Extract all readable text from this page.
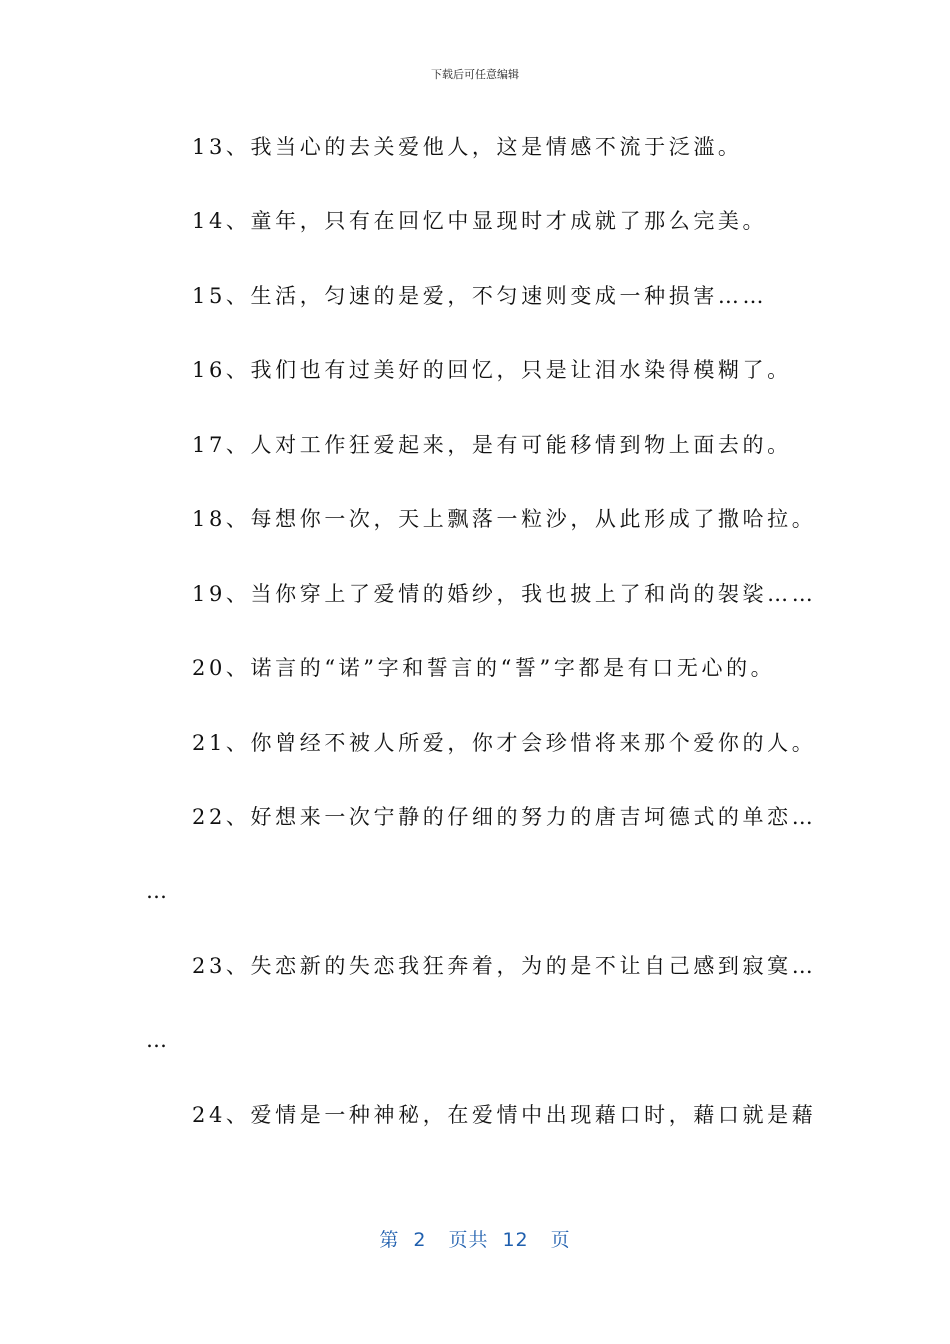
下载后可任意编辑
13、我当心的去关爱他人，这是情感不流于泛滥。
14、童年，只有在回忆中显现时才成就了那么完美。
15、生活，匀速的是爱，不匀速则变成一种损害……
16、我们也有过美好的回忆，只是让泪水染得模糊了。
17、人对工作狂爱起来，是有可能移情到物上面去的。
18、每想你一次，天上飘落一粒沙，从此形成了撒哈拉。
19、当你穿上了爱情的婚纱，我也披上了和尚的袈裟……
20、诺言的“诺”字和誓言的“誓”字都是有口无心的。
21、你曾经不被人所爱，你才会珍惜将来那个爱你的人。
22、好想来一次宁静的仔细的努力的唐吉坷德式的单恋…
…
23、失恋新的失恋我狂奔着，为的是不让自己感到寂寞…
…
24、爱情是一种神秘，在爱情中出现藉口时，藉口就是藉
第 2 页共 12 页
